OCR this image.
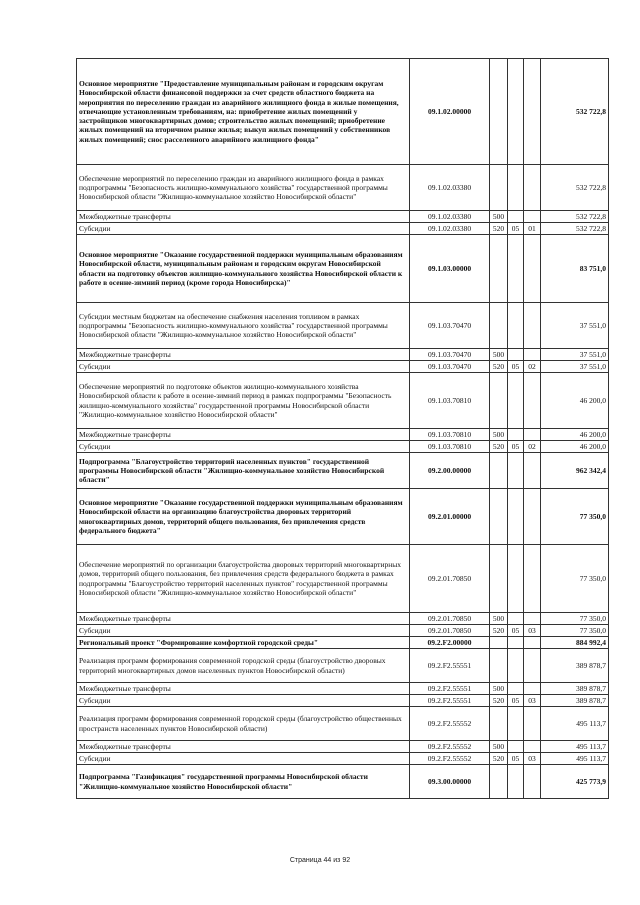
Основное мероприятие "Предоставление муниципальным районам и городским округам Новосибирской области финансовой поддержки за счет средств областного бюджета на мероприятия по переселению граждан из аварийного жилищного фонда в жилые помещения, отвечающие установленным требованиям, на: приобретение жилых помещений у застройщиков многоквартирных домов; строительство жилых помещений; приобретение жилых помещений на вторичном рынке жилья; выкуп жилых помещений у собственников жилых помещений; снос расселенного аварийного жилищного фонда"	09.1.02.00000				532 722,8
Обеспечение мероприятий по переселению граждан из аварийного жилищного фонда в рамках подпрограммы "Безопасность жилищно-коммунального хозяйства" государственной программы Новосибирской области "Жилищно-коммунальное хозяйство Новосибирской области"	09.1.02.03380				532 722,8
Межбюджетные трансферты	09.1.02.03380	500			532 722,8
Субсидии	09.1.02.03380	520	05	01	532 722,8
Основное мероприятие "Оказание государственной поддержки муниципальным образованиям Новосибирской области, муниципальным районам и городским округам Новосибирской области на подготовку объектов жилищно-коммунального хозяйства Новосибирской области к работе в осенне-зимний период (кроме города Новосибирска)"	09.1.03.00000				83 751,0
Субсидии местным бюджетам на обеспечение снабжения населения топливом в рамках подпрограммы "Безопасность жилищно-коммунального хозяйства" государственной программы Новосибирской области "Жилищно-коммунальное хозяйство Новосибирской области"	09.1.03.70470				37 551,0
Межбюджетные трансферты	09.1.03.70470	500			37 551,0
Субсидии	09.1.03.70470	520	05	02	37 551,0
Обеспечение мероприятий по подготовке объектов жилищно-коммунального хозяйства Новосибирской области к работе в осенне-зимний период в рамках подпрограммы "Безопасность жилищно-коммунального хозяйства" государственной программы Новосибирской области "Жилищно-коммунальное хозяйство Новосибирской области"	09.1.03.70810				46 200,0
Межбюджетные трансферты	09.1.03.70810	500			46 200,0
Субсидии	09.1.03.70810	520	05	02	46 200,0
Подпрограмма "Благоустройство территорий населенных пунктов" государственной программы Новосибирской области "Жилищно-коммунальное хозяйство Новосибирской области"	09.2.00.00000				962 342,4
Основное мероприятие "Оказание государственной поддержки муниципальным образованиям Новосибирской области на организацию благоустройства дворовых территорий многоквартирных домов, территорий общего пользования, без привлечения средств федерального бюджета"	09.2.01.00000				77 350,0
Обеспечение мероприятий по организации благоустройства дворовых территорий многоквартирных домов, территорий общего пользования, без привлечения средств федерального бюджета в рамках подпрограммы "Благоустройство территорий населенных пунктов" государственной программы Новосибирской области "Жилищно-коммунальное хозяйство Новосибирской области"	09.2.01.70850				77 350,0
Межбюджетные трансферты	09.2.01.70850	500			77 350,0
Субсидии	09.2.01.70850	520	05	03	77 350,0
Региональный проект "Формирование комфортной городской среды"	09.2.F2.00000				884 992,4
Реализация программ формирования современной городской среды (благоустройство дворовых территорий многоквартирных домов населенных пунктов Новосибирской области)	09.2.F2.55551				389 878,7
Межбюджетные трансферты	09.2.F2.55551	500			389 878,7
Субсидии	09.2.F2.55551	520	05	03	389 878,7
Реализация программ формирования современной городской среды (благоустройство общественных пространств населенных пунктов Новосибирской области)	09.2.F2.55552				495 113,7
Межбюджетные трансферты	09.2.F2.55552	500			495 113,7
Субсидии	09.2.F2.55552	520	05	03	495 113,7
Подпрограмма "Газификация" государственной программы Новосибирской области "Жилищно-коммунальное хозяйство Новосибирской области"	09.3.00.00000				425 773,9
Страница 44 из 92
